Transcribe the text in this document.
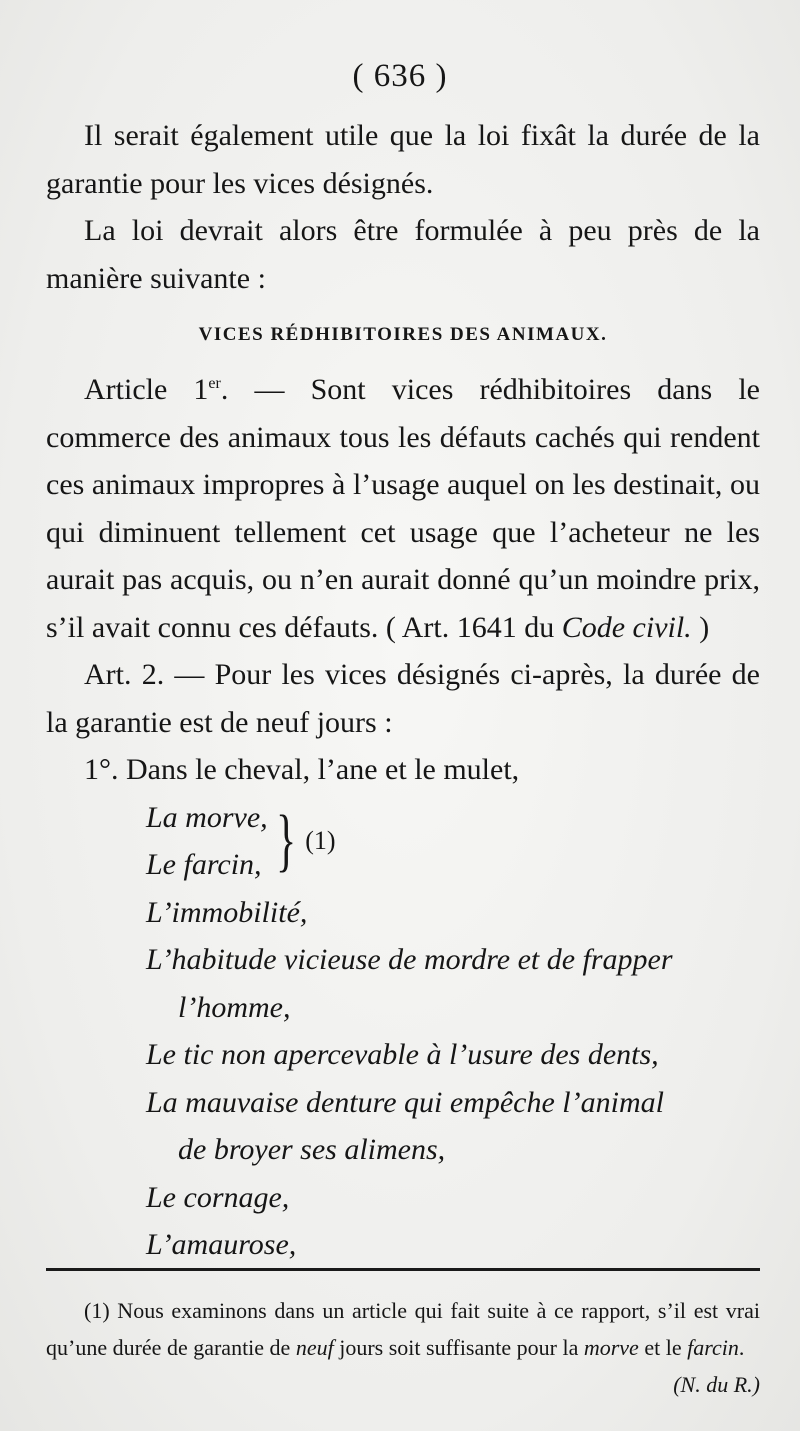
( 636 )

Il serait également utile que la loi fixât la durée de la garantie pour les vices désignés.

La loi devrait alors être formulée à peu près de la manière suivante :

VICES RÉDHIBITOIRES DES ANIMAUX.

Article 1er. — Sont vices rédhibitoires dans le commerce des animaux tous les défauts cachés qui rendent ces animaux impropres à l’usage auquel on les destinait, ou qui diminuent tellement cet usage que l’acheteur ne les aurait pas acquis, ou n’en aurait donné qu’un moindre prix, s’il avait connu ces défauts. ( Art. 1641 du Code civil. )

Art. 2. — Pour les vices désignés ci-après, la durée de la garantie est de neuf jours :

1°. Dans le cheval, l’ane et le mulet,

La morve,
Le farcin, } (1)
L’immobilité,
L’habitude vicieuse de mordre et de frapper
l’homme,
Le tic non apercevable à l’usure des dents,
La mauvaise denture qui empêche l’animal
de broyer ses alimens,
Le cornage,
L’amaurose,
(1) Nous examinons dans un article qui fait suite à ce rapport, s’il est vrai qu’une durée de garantie de neuf jours soit suffisante pour la morve et le farcin.
(N. du R.)
